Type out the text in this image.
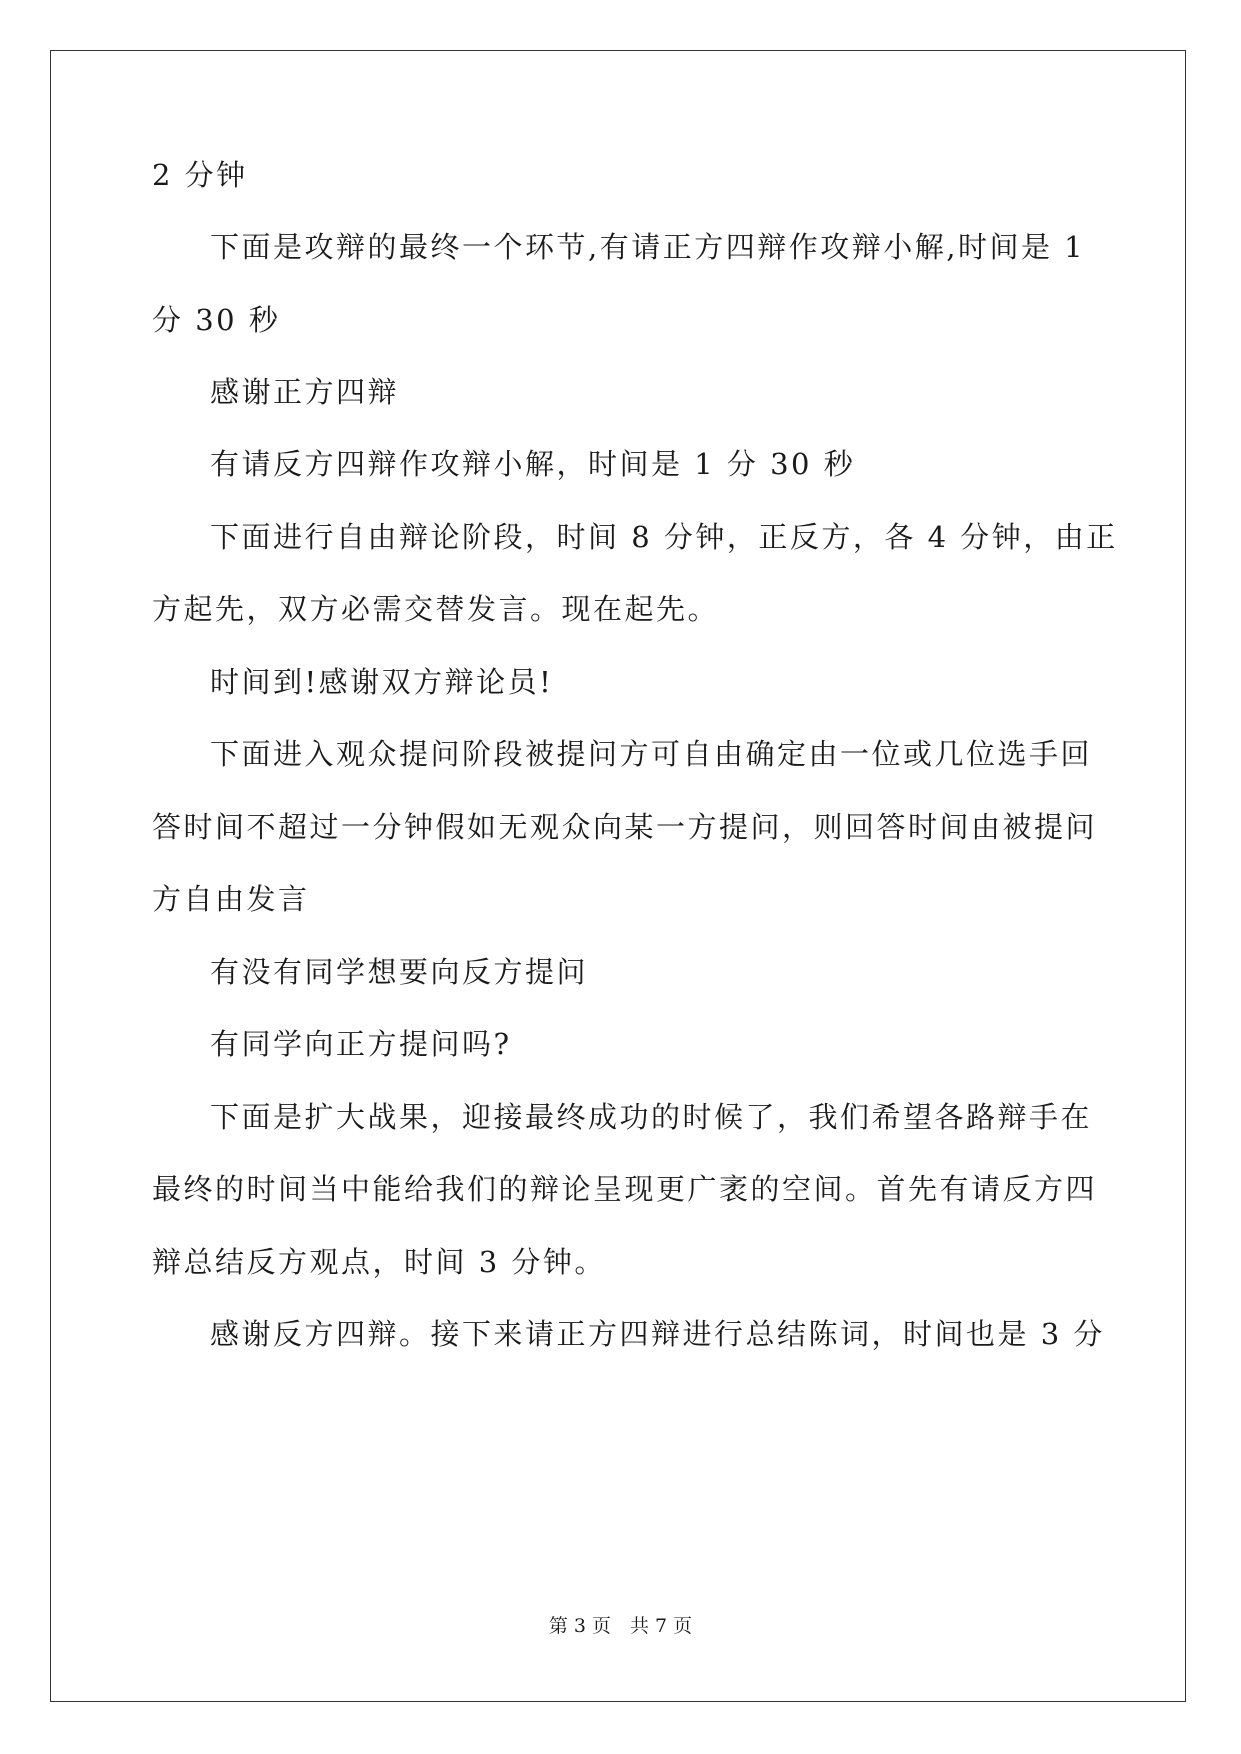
2 分钟
下面是攻辩的最终一个环节,有请正方四辩作攻辩小解,时间是 1
分 30 秒
感谢正方四辩
有请反方四辩作攻辩小解，时间是 1 分 30 秒
下面进行自由辩论阶段，时间 8 分钟，正反方，各 4 分钟，由正
方起先，双方必需交替发言。现在起先。
时间到!感谢双方辩论员!
下面进入观众提问阶段被提问方可自由确定由一位或几位选手回
答时间不超过一分钟假如无观众向某一方提问，则回答时间由被提问
方自由发言
有没有同学想要向反方提问
有同学向正方提问吗?
下面是扩大战果，迎接最终成功的时候了，我们希望各路辩手在
最终的时间当中能给我们的辩论呈现更广袤的空间。首先有请反方四
辩总结反方观点，时间 3 分钟。
感谢反方四辩。接下来请正方四辩进行总结陈词，时间也是 3 分
第 3 页　共 7 页
